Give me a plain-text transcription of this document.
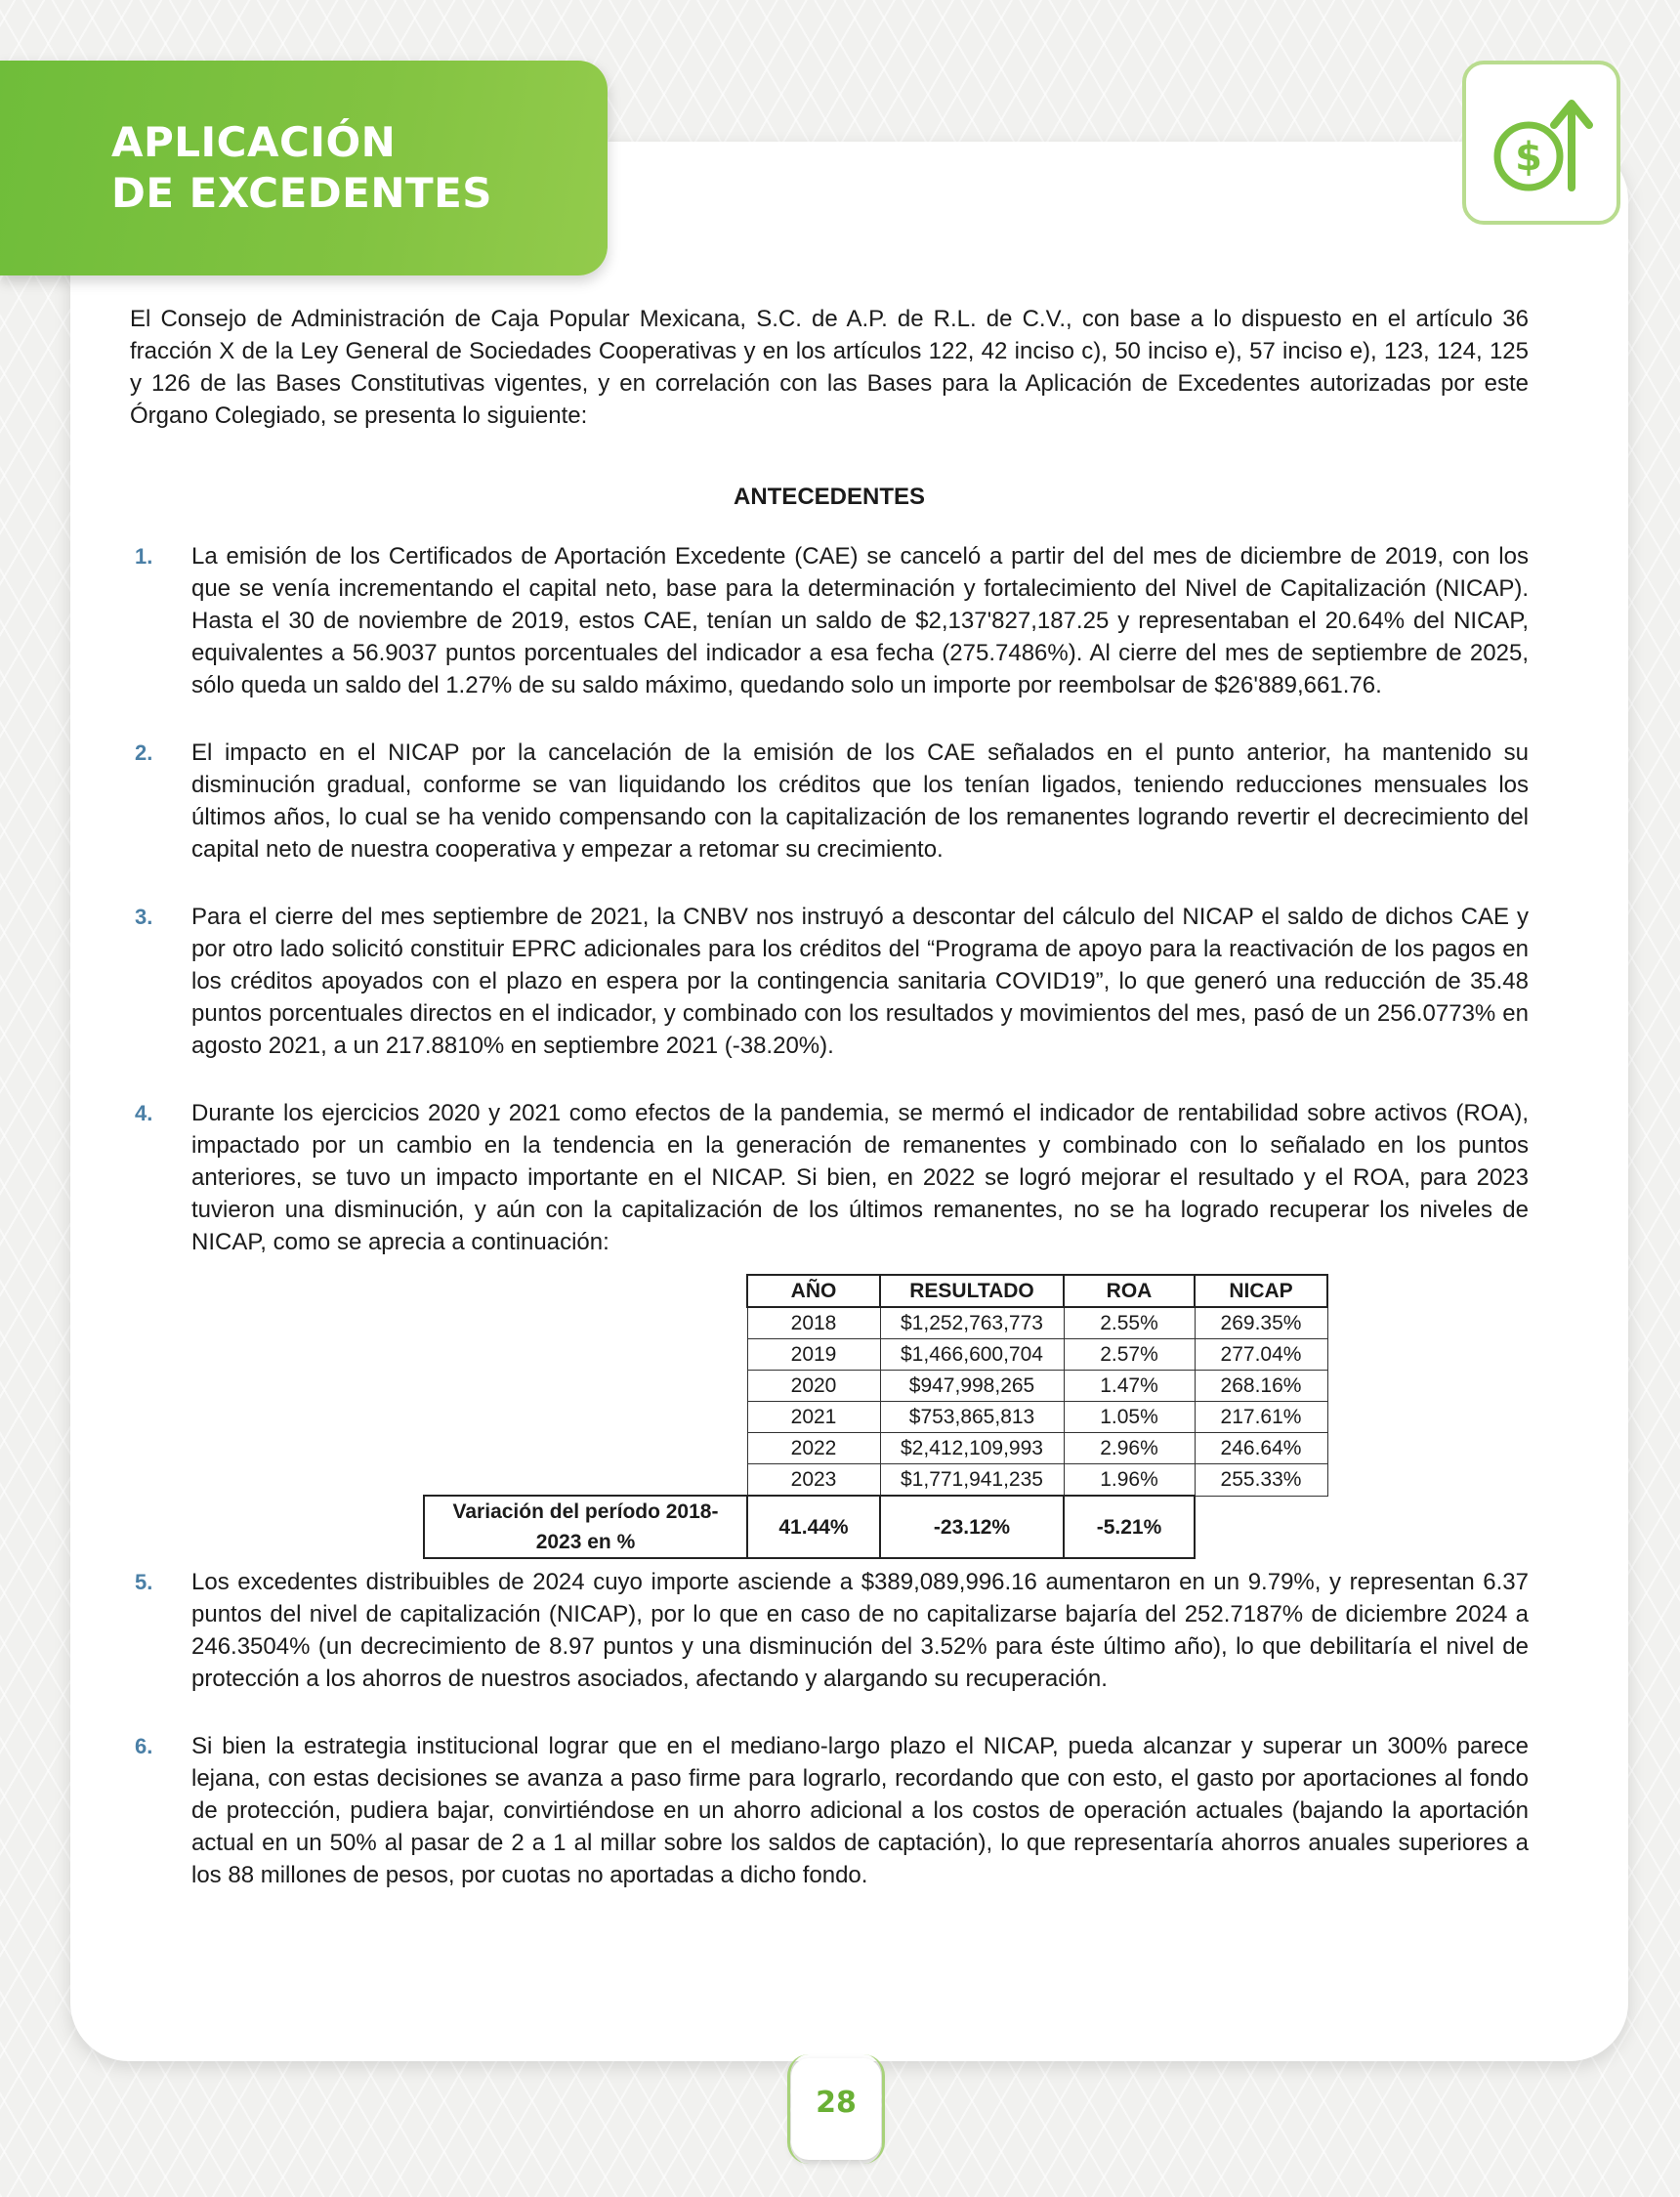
APLICACIÓN
DE EXCEDENTES
$

El Consejo de Administración de Caja Popular Mexicana, S.C. de A.P. de R.L. de C.V., con base a lo dispuesto en el artículo 36 fracción X de la Ley General de Sociedades Cooperativas y en los artículos 122, 42 inciso c), 50 inciso e), 57 inciso e), 123, 124, 125 y 126 de las Bases Constitutivas vigentes, y en correlación con las Bases para la Aplicación de Excedentes autorizadas por este Órgano Colegiado, se presenta lo siguiente:

ANTECEDENTES
1. La emisión de los Certificados de Aportación Excedente (CAE) se canceló a partir del del mes de diciembre de 2019, con los que se venía incrementando el capital neto, base para la determinación y fortalecimiento del Nivel de Capitalización (NICAP). Hasta el 30 de noviembre de 2019, estos CAE, tenían un saldo de $2,137'827,187.25 y representaban el 20.64% del NICAP, equivalentes a 56.9037 puntos porcentuales del indicador a esa fecha (275.7486%). Al cierre del mes de septiembre de 2025, sólo queda un saldo del 1.27% de su saldo máximo, quedando solo un importe por reembolsar de $26'889,661.76.

2. El impacto en el NICAP por la cancelación de la emisión de los CAE señalados en el punto anterior, ha mantenido su disminución gradual, conforme se van liquidando los créditos que los tenían ligados, teniendo reducciones mensuales los últimos años, lo cual se ha venido compensando con la capitalización de los remanentes logrando revertir el decrecimiento del capital neto de nuestra cooperativa y empezar a retomar su crecimiento.

3. Para el cierre del mes septiembre de 2021, la CNBV nos instruyó a descontar del cálculo del NICAP el saldo de dichos CAE y por otro lado solicitó constituir EPRC adicionales para los créditos del “Programa de apoyo para la reactivación de los pagos en los créditos apoyados con el plazo en espera por la contingencia sanitaria COVID19”, lo que generó una reducción de 35.48 puntos porcentuales directos en el indicador, y combinado con los resultados y movimientos del mes, pasó de un 256.0773% en agosto 2021, a un 217.8810% en septiembre 2021 (-38.20%).

4. Durante los ejercicios 2020 y 2021 como efectos de la pandemia, se mermó el indicador de rentabilidad sobre activos (ROA), impactado por un cambio en la tendencia en la generación de remanentes y combinado con lo señalado en los puntos anteriores, se tuvo un impacto importante en el NICAP. Si bien, en 2022 se logró mejorar el resultado y el ROA, para 2023 tuvieron una disminución, y aún con la capitalización de los últimos remanentes, no se ha logrado recuperar los niveles de NICAP, como se aprecia a continuación:

	AÑO	RESULTADO	ROA	NICAP
	2018	$1,252,763,773	2.55%	269.35%
	2019	$1,466,600,704	2.57%	277.04%
	2020	$947,998,265	1.47%	268.16%
	2021	$753,865,813	1.05%	217.61%
	2022	$2,412,109,993	2.96%	246.64%
	2023	$1,771,941,235	1.96%	255.33%
Variación del período 2018-2023 en %	41.44%	-23.12%	-5.21%	
5. Los excedentes distribuibles de 2024 cuyo importe asciende a $389,089,996.16 aumentaron en un 9.79%, y representan 6.37 puntos del nivel de capitalización (NICAP), por lo que en caso de no capitalizarse bajaría del 252.7187% de diciembre 2024 a 246.3504% (un decrecimiento de 8.97 puntos y una disminución del 3.52% para éste último año), lo que debilitaría el nivel de protección a los ahorros de nuestros asociados, afectando y alargando su recuperación.

6. Si bien la estrategia institucional lograr que en el mediano-largo plazo el NICAP, pueda alcanzar y superar un 300% parece lejana, con estas decisiones se avanza a paso firme para lograrlo, recordando que con esto, el gasto por aportaciones al fondo de protección, pudiera bajar, convirtiéndose en un ahorro adicional a los costos de operación actuales (bajando la aportación actual en un 50% al pasar de 2 a 1 al millar sobre los saldos de captación), lo que representaría ahorros anuales superiores a los 88 millones de pesos, por cuotas no aportadas a dicho fondo.

28
